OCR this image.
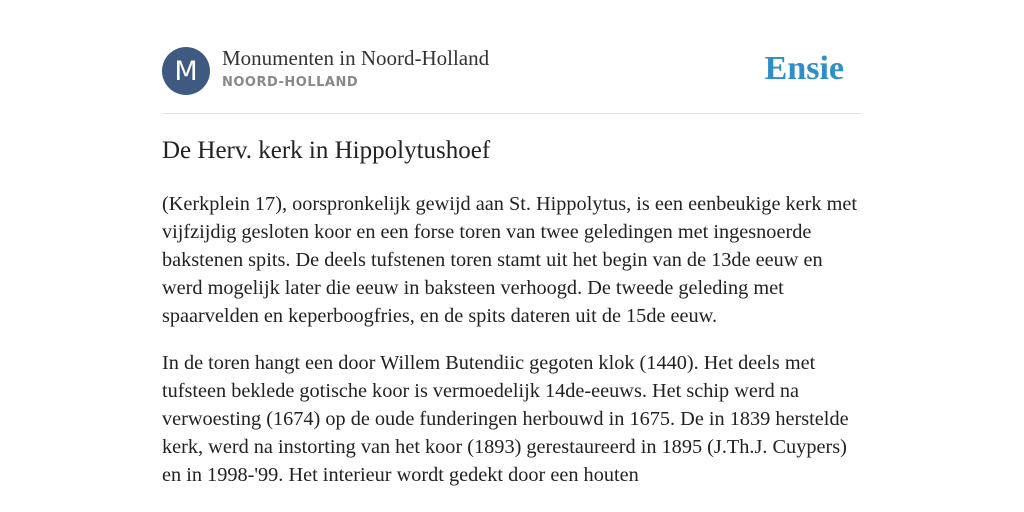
M Monumenten in Noord-Holland
NOORD-HOLLAND	Ensie
De Herv. kerk in Hippolytushoef

(Kerkplein 17), oorspronkelijk gewijd aan St. Hippolytus, is een eenbeukige kerk met vijfzijdig gesloten koor en een forse toren van twee geledingen met ingesnoerde bakstenen spits. De deels tufstenen toren stamt uit het begin van de 13de eeuw en werd mogelijk later die eeuw in baksteen verhoogd. De tweede geleding met spaarvelden en keperboogfries, en de spits dateren uit de 15de eeuw.

In de toren hangt een door Willem Butendiic gegoten klok (1440). Het deels met tufsteen beklede gotische koor is vermoedelijk 14de-eeuws. Het schip werd na verwoesting (1674) op de oude funderingen herbouwd in 1675. De in 1839 herstelde kerk, werd na instorting van het koor (1893) gerestaureerd in 1895 (J.Th.J. Cuypers) en in 1998-'99. Het interieur wordt gedekt door een houten
